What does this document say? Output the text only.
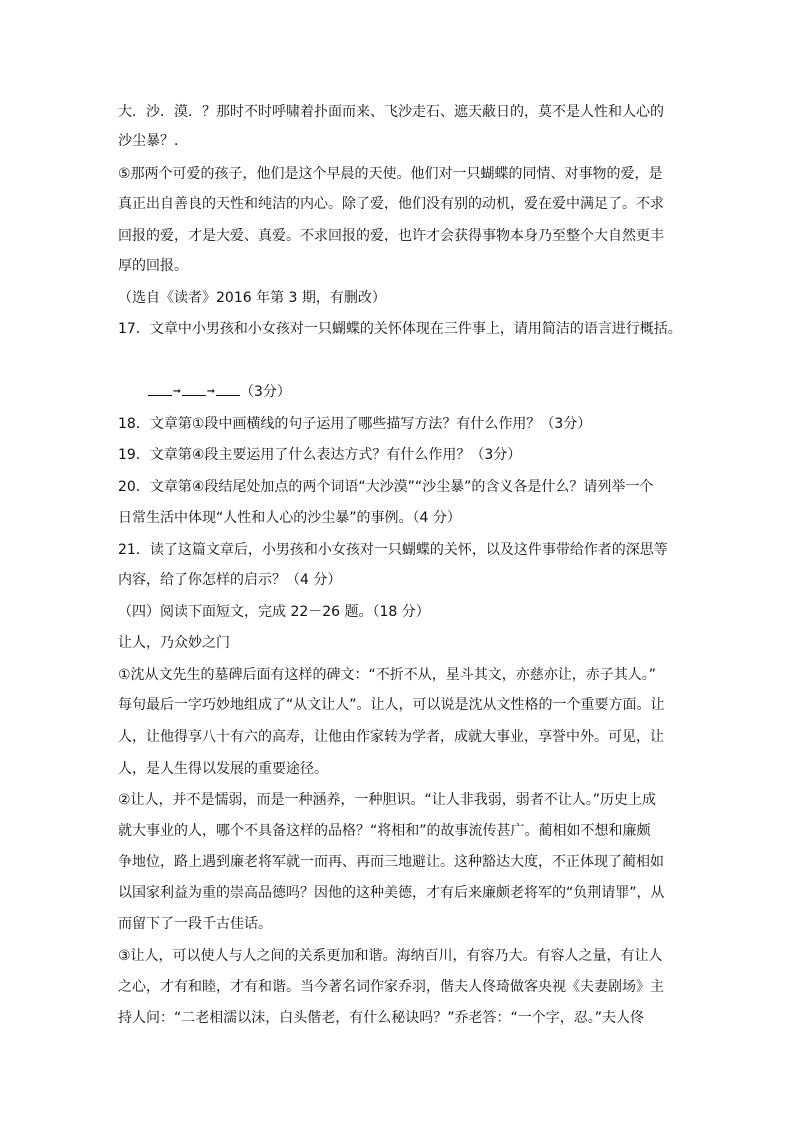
大．沙．漠．？那时不时呼啸着扑面而来、飞沙走石、遮天蔽日的，莫不是人性和人心的
沙尘暴？．
⑤那两个可爱的孩子，他们是这个早晨的天使。他们对一只蝴蝶的同情、对事物的爱，是
真正出自善良的天性和纯洁的内心。除了爱，他们没有别的动机，爱在爱中满足了。不求
回报的爱，才是大爱、真爱。不求回报的爱，也许才会获得事物本身乃至整个大自然更丰
厚的回报。
（选自《读者》2016 年第 3 期，有删改）
17．文章中小男孩和小女孩对一只蝴蝶的关怀体现在三件事上，请用简洁的语言进行概括。
➞	➞ （3分）
18．文章第①段中画横线的句子运用了哪些描写方法？有什么作用？（3分）
19．文章第④段主要运用了什么表达方式？有什么作用？（3分）
20．文章第④段结尾处加点的两个词语“大沙漠”“沙尘暴”的含义各是什么？请列举一个
日常生活中体现“人性和人心的沙尘暴”的事例。（4 分）
21．读了这篇文章后，小男孩和小女孩对一只蝴蝶的关怀，以及这件事带给作者的深思等
内容，给了你怎样的启示？（4 分）
（四）阅读下面短文，完成 22－26 题。（18 分）
让人，乃众妙之门
①沈从文先生的墓碑后面有这样的碑文：“不折不从，星斗其文，亦慈亦让，赤子其人。”
每句最后一字巧妙地组成了“从文让人”。让人，可以说是沈从文性格的一个重要方面。让
人，让他得享八十有六的高寿，让他由作家转为学者，成就大事业，享誉中外。可见，让
人，是人生得以发展的重要途径。
②让人，并不是懦弱，而是一种涵养，一种胆识。“让人非我弱，弱者不让人。”历史上成
就大事业的人，哪个不具备这样的品格？“将相和”的故事流传甚广。蔺相如不想和廉颇
争地位，路上遇到廉老将军就一而再、再而三地避让。这种豁达大度，不正体现了蔺相如
以国家利益为重的崇高品德吗？因他的这种美德，才有后来廉颇老将军的“负荆请罪”，从
而留下了一段千古佳话。
③让人，可以使人与人之间的关系更加和谐。海纳百川，有容乃大。有容人之量，有让人
之心，才有和睦，才有和谐。当今著名词作家乔羽，偕夫人佟琦做客央视《夫妻剧场》主
持人问：“二老相濡以沫，白头偕老，有什么秘诀吗？”乔老答：“一个字，忍。”夫人佟
